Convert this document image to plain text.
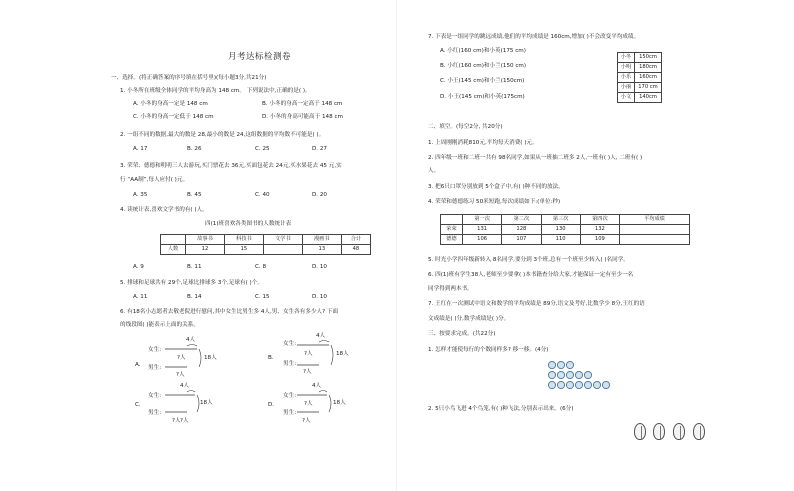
月考达标检测卷
一、选择。(将正确答案的序号填在括号里)(每小题3分,共21分)
1. 小冬所在班级全体同学的平均身高为 148 cm。 下列说法中,正确的是( )。
A. 小冬的身高一定是 148 cm	B. 小冬的身高一定高于 148 cm
C. 小冬的身高一定低于 148 cm	D. 小冬的身高可能高于 148 cm
2. 一组不同的数据,最大的数是 28,最小的数是 24,这组数据的平均数不可能是( )。
A. 17	B. 26	C. 25	D. 27
3. 荣荣、德德和明明三人去游玩,买门票花去 36元,买面包花去 24元,买水果花去 45 元,实
行 “AA制”,每人应付( )元。
A. 35	B. 45	C. 40	D. 20
4. 读统计表,喜欢文学书的有( )人。
四(1)班喜欢各类图书的人数统计表
	故事书	科技书	文学书	漫画书	合计
人数	12	15		13	48
A. 9	B. 11	C. 8	D. 10
5. 排球和足球共有 29个,足球比排球多 3个,足球有( )个。
A. 11	B. 14	C. 15	D. 10
6. 有18名小志愿者去敬老院进行慰问,其中女生比男生多 4人,男、女生各有多少人? 下面
的线段图( )能表示上面的关系。
A.
B.
C.	D.
女生:
男生:
4人
?人
?人
18人
女生:
男生:
4人
?人
?人
18人
女生:
男生:
4人
?人 ?人
18人
女生:
男生:
4人
?人
?人
18人
7. 下表是一组同学的跳远成绩,他们的平均成绩是 160cm,增加( )不会改变平均成绩。
A. 小红(160 cm)和小英(175 cm)
B. 小红(160 cm)和小兰(150 cm)
C. 小王(145 cm)和小兰(150cm)
D. 小王(145 cm)和小英(175cm)
小冬	150cm
小明	180cm
小乐	160cm
小丽	170 cm
小文	140cm
二、填空。(每空2分, 共20分)
1. 上周刚刚消耗810元,平均每天消费( )元。
2. 四年级一班和二班一共有 98名同学,如果从一班抽二班多 2人,一班有( )人, 二班有( )
人。
3. 把6只口罩分别放到 5个盒子中,有( )种不同的放法。
4. 荣荣和德德练习 50米短跑,每次成绩如下:(单位:秒)
	第一次	第二次	第三次	第四次	平均成绩
荣荣	131	128	130	132	
德德	106	107	110	109	
5. 时光小学四年级新转入 8名同学,要分到 3个班,总有一个班至少转入( )名同学。
6. 四(1)班有学生38人,老师至少要拿( )本书籍查分给大家,才能保证一定有至少一名
同学得到两本书。
7. 王红在一次测试中语文和数学的平均成绩是 89分,语文及考好,比数学少 8分,王红的语
文成绩是( )分,数学成绩是( )分。
三、按要求完成。(共22分)
1. 怎样才能使每行的个数同样多? 移一移。(4分)
2. 5只小鸟飞进 4个鸟笼,有( )种飞法,分别表示出来。(6分)
